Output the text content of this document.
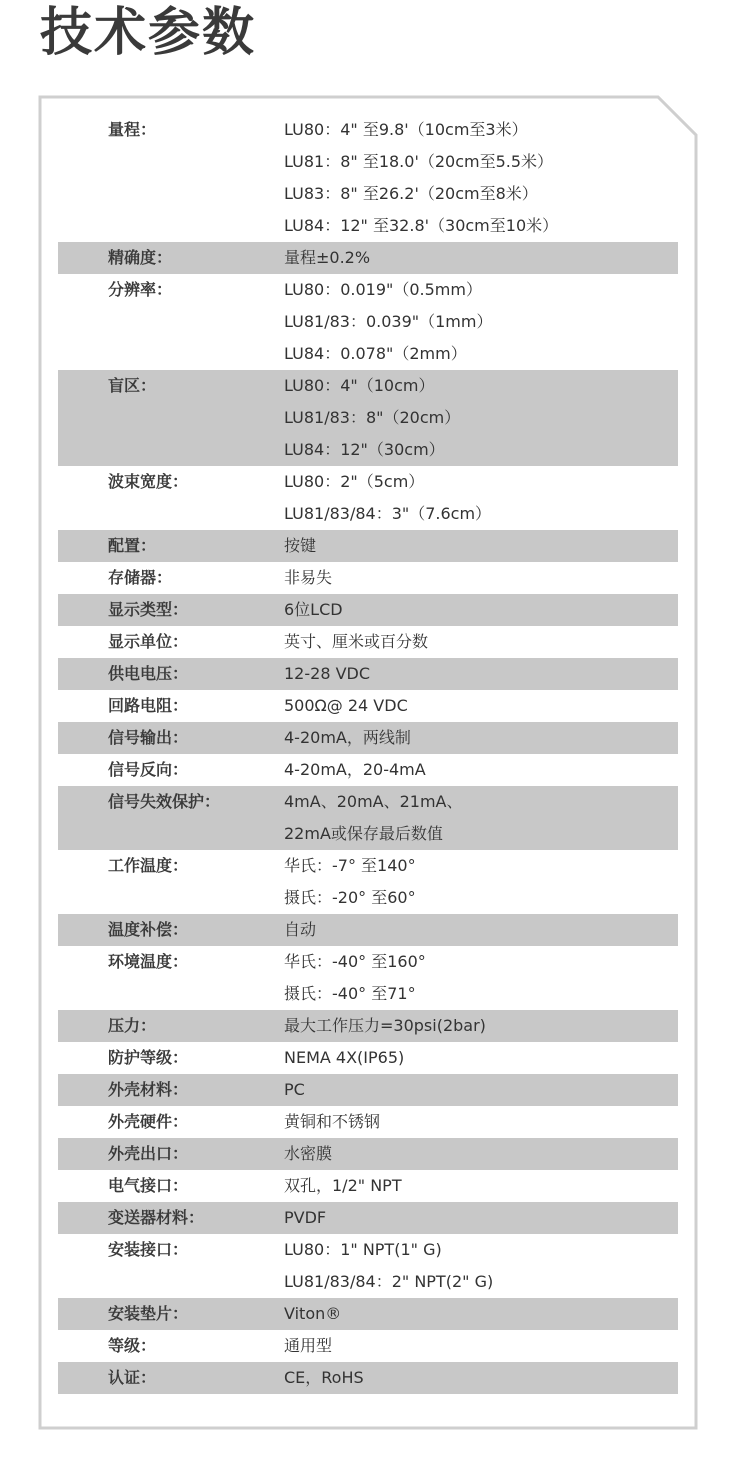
技术参数
量程：	LU80：4" 至9.8'（10cm至3米）
LU81：8" 至18.0'（20cm至5.5米）
LU83：8" 至26.2'（20cm至8米）
LU84：12" 至32.8'（30cm至10米）
精确度：	量程±0.2%
分辨率：	LU80：0.019"（0.5mm）
LU81/83：0.039"（1mm）
LU84：0.078"（2mm）
盲区：	LU80：4"（10cm）
LU81/83：8"（20cm）
LU84：12"（30cm）
波束宽度：	LU80：2"（5cm）
LU81/83/84：3"（7.6cm）
配置：	按键
存储器：	非易失
显示类型：	6位LCD
显示单位：	英寸、厘米或百分数
供电电压：	12-28 VDC
回路电阻：	500Ω@ 24 VDC
信号输出：	4-20mA，两线制
信号反向：	4-20mA，20-4mA
信号失效保护：	4mA、20mA、21mA、
22mA或保存最后数值
工作温度：	华氏：-7° 至140°
摄氏：-20° 至60°
温度补偿：	自动
环境温度：	华氏：-40° 至160°
摄氏：-40° 至71°
压力：	最大工作压力=30psi(2bar)
防护等级：	NEMA 4X(IP65)
外壳材料：	PC
外壳硬件：	黄铜和不锈钢
外壳出口：	水密膜
电气接口：	双孔，1/2" NPT
变送器材料：	PVDF
安装接口：	LU80：1" NPT(1" G)
LU81/83/84：2" NPT(2" G)
安装垫片：	Viton®
等级：	通用型
认证：	CE，RoHS
